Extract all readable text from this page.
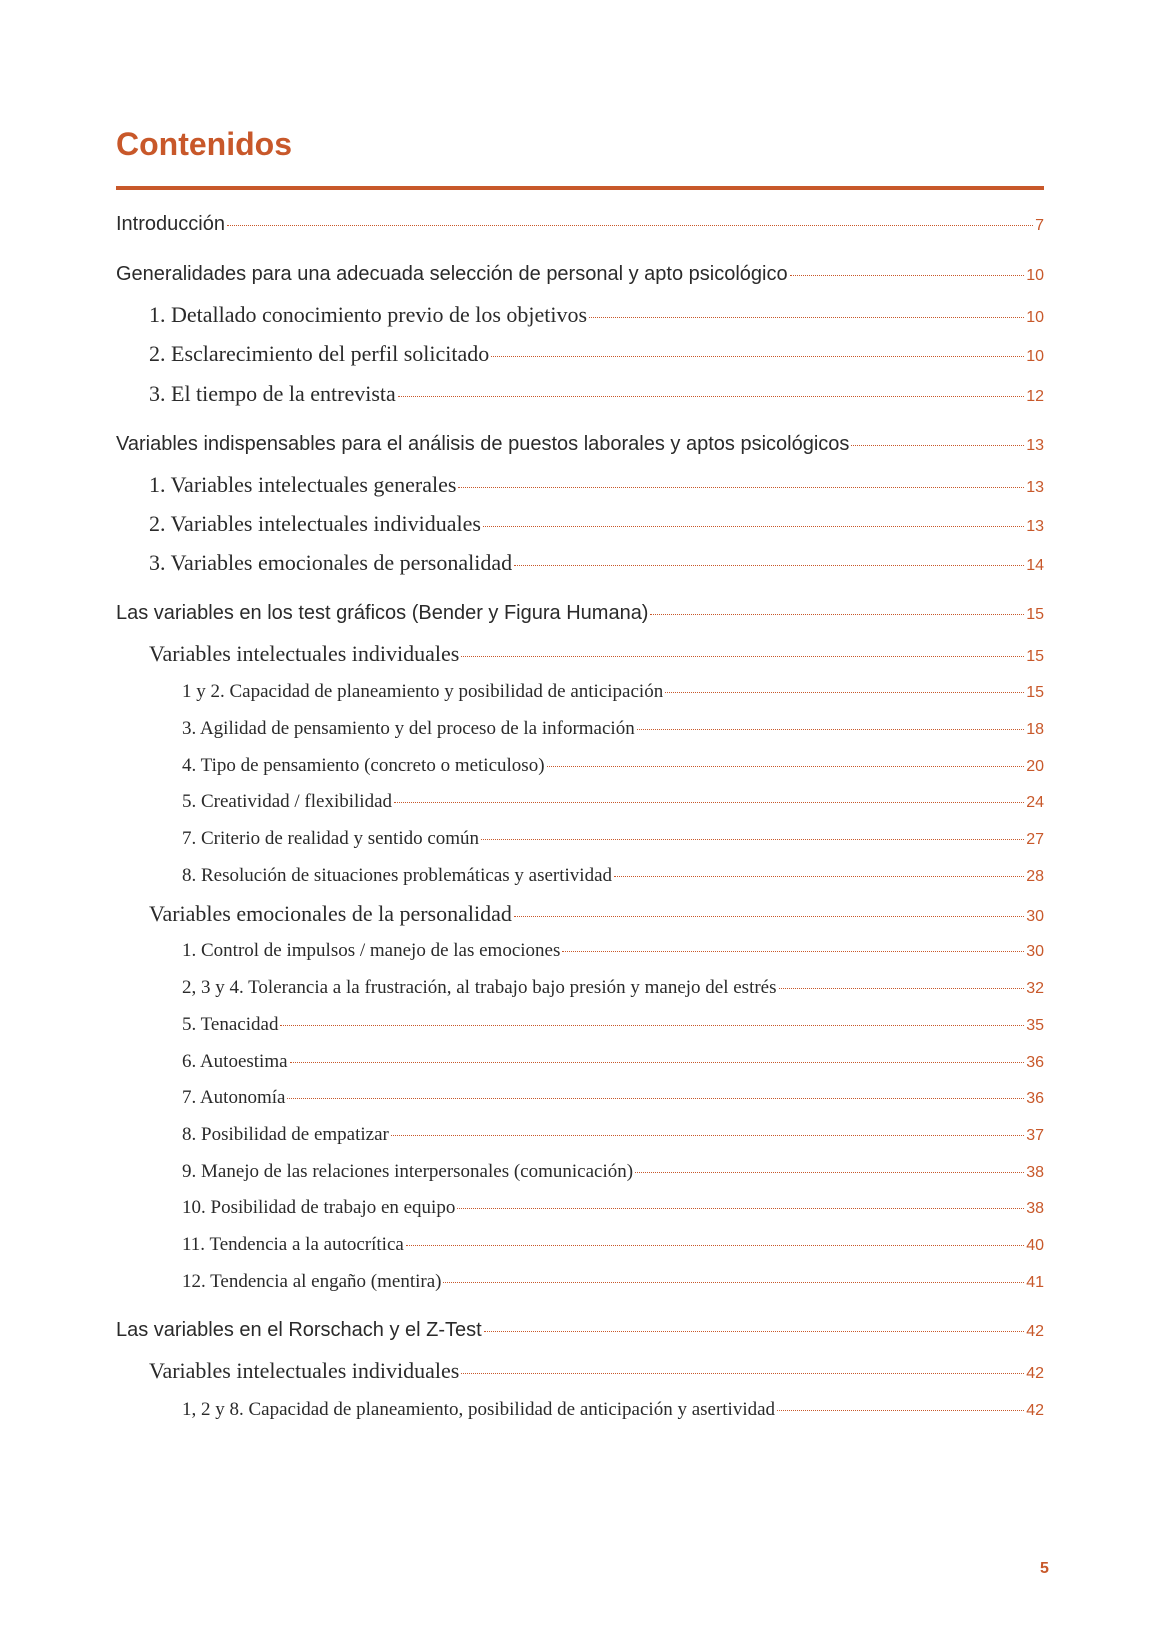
Contenidos
Introducción	7
Generalidades para una adecuada selección de personal y apto psicológico	10
1. Detallado conocimiento previo de los objetivos	10
2. Esclarecimiento del perfil solicitado	10
3. El tiempo de la entrevista	12
Variables indispensables para el análisis de puestos laborales y aptos psicológicos	13
1. Variables intelectuales generales	13
2. Variables intelectuales individuales	13
3. Variables emocionales de personalidad	14
Las variables en los test gráficos (Bender y Figura Humana)	15
Variables intelectuales individuales	15
1 y 2. Capacidad de planeamiento y posibilidad de anticipación	15
3. Agilidad de pensamiento y del proceso de la información	18
4. Tipo de pensamiento (concreto o meticuloso)	20
5. Creatividad / flexibilidad	24
7. Criterio de realidad y sentido común	27
8. Resolución de situaciones problemáticas y asertividad	28
Variables emocionales de la personalidad	30
1. Control de impulsos / manejo de las emociones	30
2, 3 y 4. Tolerancia a la frustración, al trabajo bajo presión y manejo del estrés	32
5. Tenacidad	35
6. Autoestima	36
7. Autonomía	36
8. Posibilidad de empatizar	37
9. Manejo de las relaciones interpersonales (comunicación)	38
10. Posibilidad de trabajo en equipo	38
11. Tendencia a la autocrítica	40
12. Tendencia al engaño (mentira)	41
Las variables en el Rorschach y el Z-Test	42
Variables intelectuales individuales	42
1, 2 y 8. Capacidad de planeamiento, posibilidad de anticipación y asertividad	42
5
